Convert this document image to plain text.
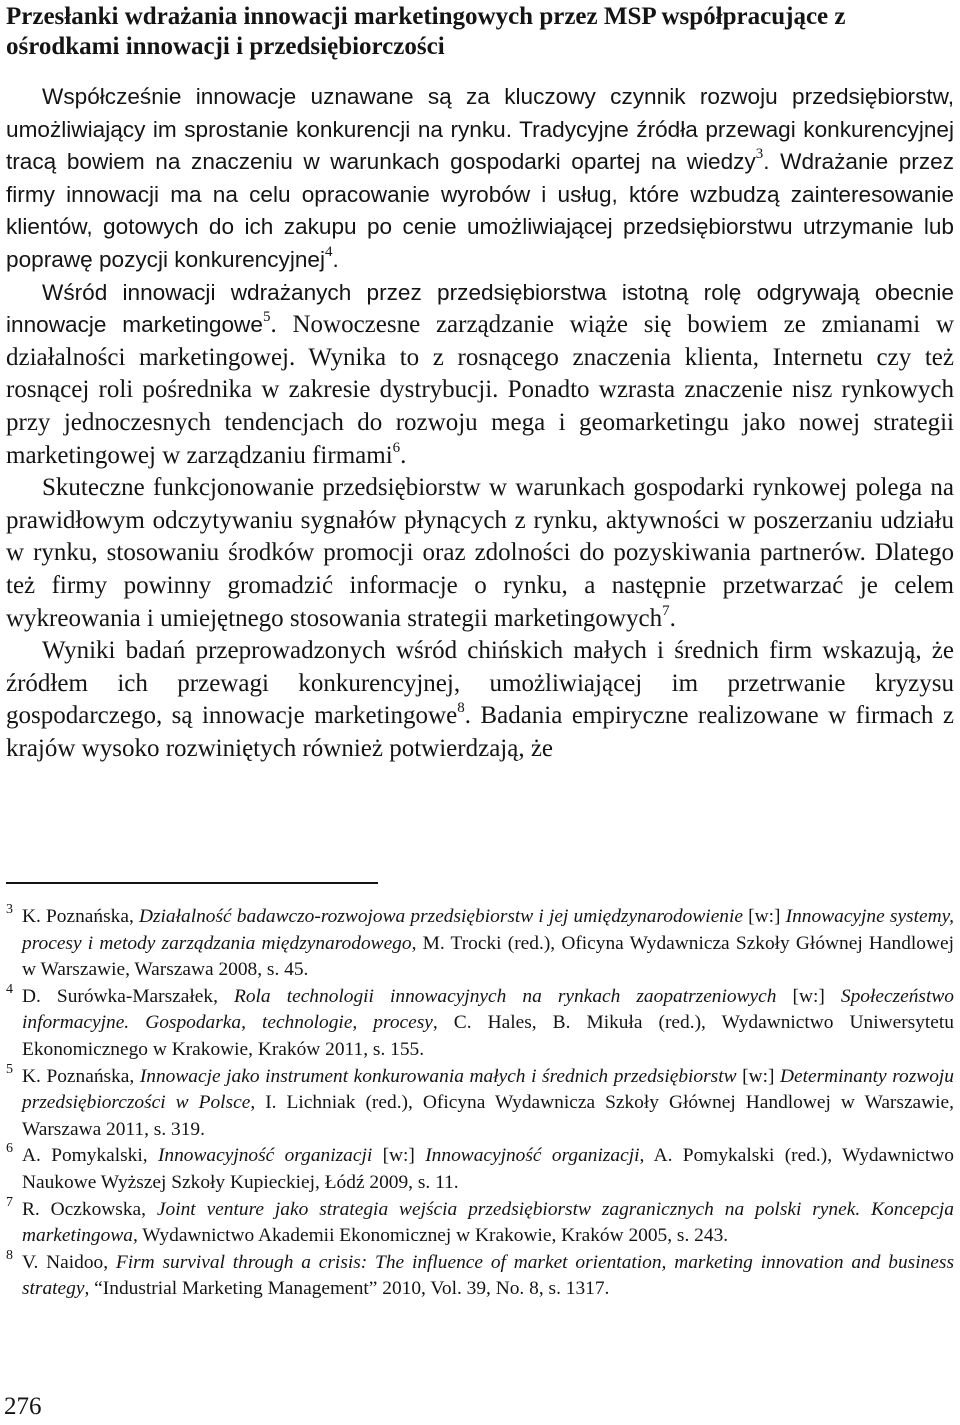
Przesłanki wdrażania innowacji marketingowych przez MSP współpracujące z ośrodkami innowacji i przedsiębiorczości

Współcześnie innowacje uznawane są za kluczowy czynnik rozwoju przedsiębiorstw, umożliwiający im sprostanie konkurencji na rynku. Tradycyjne źródła przewagi konkurencyjnej tracą bowiem na znaczeniu w warunkach gospodarki opartej na wiedzy$^3$. Wdrażanie przez firmy innowacji ma na celu opracowanie wyrobów i usług, które wzbudzą zainteresowanie klientów, gotowych do ich zakupu po cenie umożliwiającej przedsiębiorstwu utrzymanie lub poprawę pozycji konkurencyjnej$^4$.

Wśród innowacji wdrażanych przez przedsiębiorstwa istotną rolę odgrywają obecnie innowacje marketingowe$^5$. Nowoczesne zarządzanie wiąże się bowiem ze zmianami w działalności marketingowej. Wynika to z rosnącego znaczenia klienta, Internetu czy też rosnącej roli pośrednika w zakresie dystrybucji. Ponadto wzrasta znaczenie nisz rynkowych przy jednoczesnych tendencjach do rozwoju mega i geomarketingu jako nowej strategii marketingowej w zarządzaniu firmami$^6$.

Skuteczne funkcjonowanie przedsiębiorstw w warunkach gospodarki rynkowej polega na prawidłowym odczytywaniu sygnałów płynących z rynku, aktywności w poszerzaniu udziału w rynku, stosowaniu środków promocji oraz zdolności do pozyskiwania partnerów. Dlatego też firmy powinny gromadzić informacje o rynku, a następnie przetwarzać je celem wykreowania i umiejętnego stosowania strategii marketingowych$^7$.

Wyniki badań przeprowadzonych wśród chińskich małych i średnich firm wskazują, że źródłem ich przewagi konkurencyjnej, umożliwiającej im przetrwanie kryzysu gospodarczego, są innowacje marketingowe$^8$. Badania empiryczne realizowane w firmach z krajów wysoko rozwiniętych również potwierdzają, że

3 K. Poznańska, Działalność badawczo-rozwojowa przedsiębiorstw i jej umiędzynarodowienie [w:] Innowacyjne systemy, procesy i metody zarządzania międzynarodowego, M. Trocki (red.), Oficyna Wydawnicza Szkoły Głównej Handlowej w Warszawie, Warszawa 2008, s. 45.
4 D. Surówka-Marszałek, Rola technologii innowacyjnych na rynkach zaopatrzeniowych [w:] Społeczeństwo informacyjne. Gospodarka, technologie, procesy, C. Hales, B. Mikuła (red.), Wydawnictwo Uniwersytetu Ekonomicznego w Krakowie, Kraków 2011, s. 155.
5 K. Poznańska, Innowacje jako instrument konkurowania małych i średnich przedsiębiorstw [w:] Determinanty rozwoju przedsiębiorczości w Polsce, I. Lichniak (red.), Oficyna Wydawnicza Szkoły Głównej Handlowej w Warszawie, Warszawa 2011, s. 319.
6 A. Pomykalski, Innowacyjność organizacji [w:] Innowacyjność organizacji, A. Pomykalski (red.), Wydawnictwo Naukowe Wyższej Szkoły Kupieckiej, Łódź 2009, s. 11.
7 R. Oczkowska, Joint venture jako strategia wejścia przedsiębiorstw zagranicznych na polski rynek. Koncepcja marketingowa, Wydawnictwo Akademii Ekonomicznej w Krakowie, Kraków 2005, s. 243.
8 V. Naidoo, Firm survival through a crisis: The influence of market orientation, marketing innovation and business strategy, “Industrial Marketing Management” 2010, Vol. 39, No. 8, s. 1317.
276
